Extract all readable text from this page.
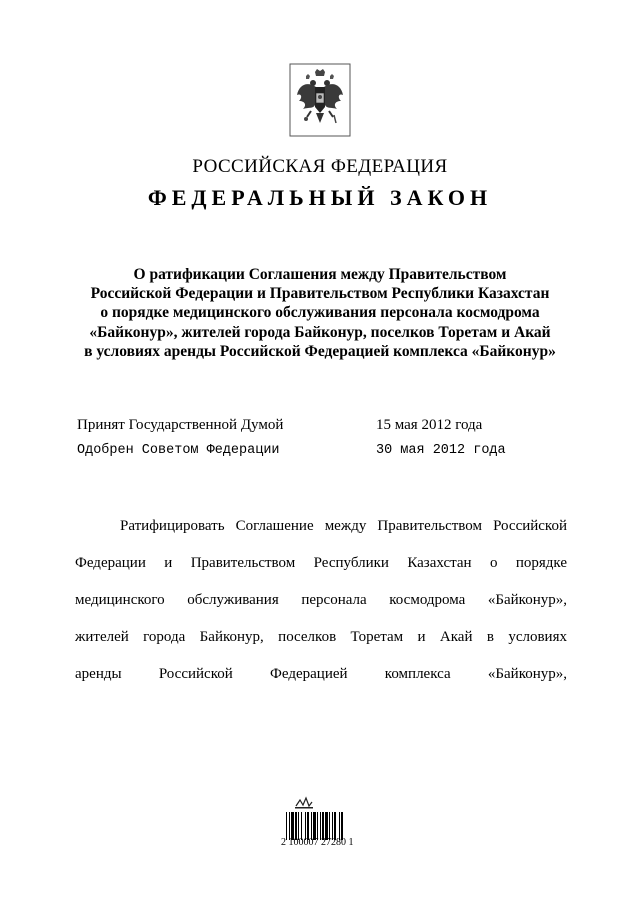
РОССИЙСКАЯ ФЕДЕРАЦИЯ
ФЕДЕРАЛЬНЫЙ ЗАКОН
О ратификации Соглашения между Правительством
Российской Федерации и Правительством Республики Казахстан
о порядке медицинского обслуживания персонала космодрома
«Байконур», жителей города Байконур, поселков Торетам и Акай
в условиях аренды Российской Федерацией комплекса «Байконур»
Принят Государственной Думой	15 мая 2012 года
Одобрен Советом Федерации	30 мая 2012 года
Ратифицировать Соглашение между Правительством Российской
Федерации и Правительством Республики Казахстан о порядке
медицинского обслуживания персонала космодрома «Байконур»,
жителей города Байконур, поселков Торетам и Акай в условиях
аренды Российской Федерацией комплекса «Байконур»,
2 100007 27280 1
